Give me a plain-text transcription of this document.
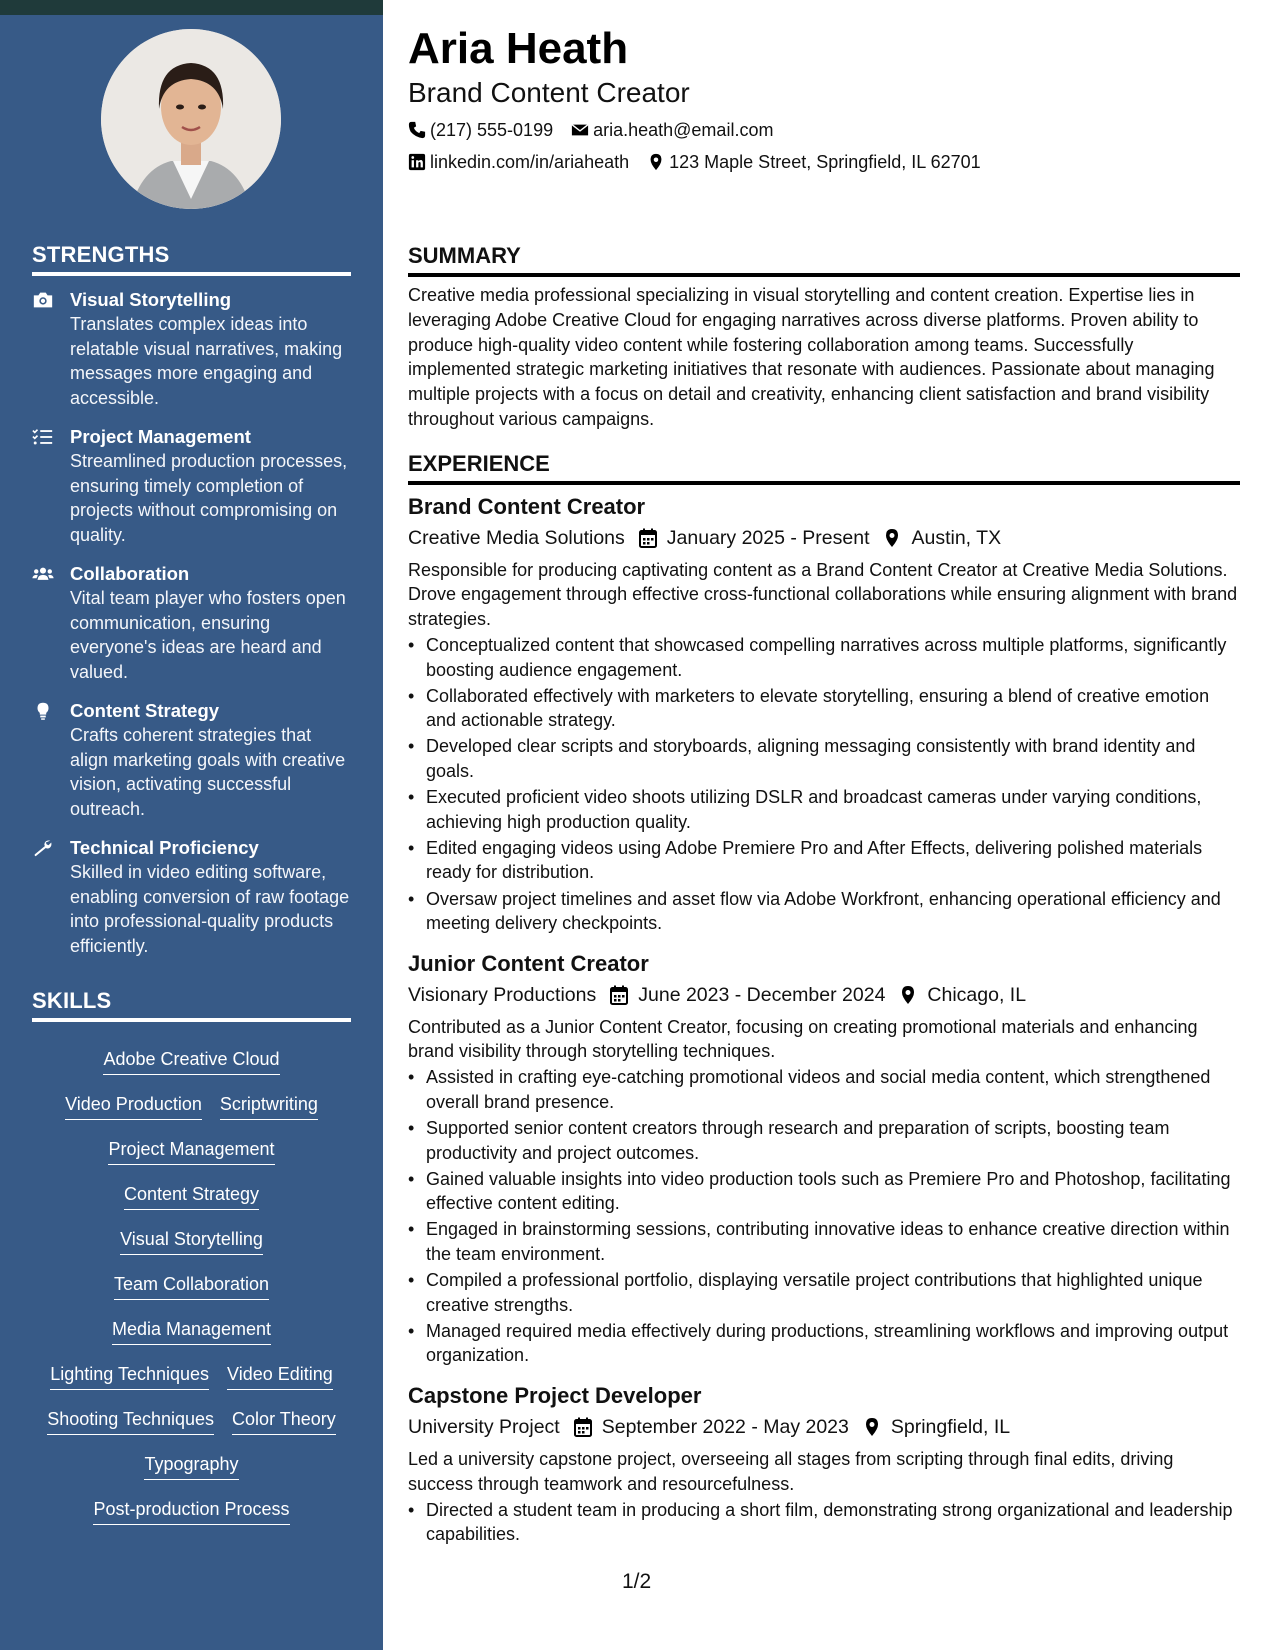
STRENGTHS
Visual Storytelling
Translates complex ideas into relatable visual narratives, making messages more engaging and accessible.
Project Management
Streamlined production processes, ensuring timely completion of projects without compromising on quality.
Collaboration
Vital team player who fosters open communication, ensuring everyone's ideas are heard and valued.
Content Strategy
Crafts coherent strategies that align marketing goals with creative vision, activating successful outreach.
Technical Proficiency
Skilled in video editing software, enabling conversion of raw footage into professional-quality products efficiently.
SKILLS
Adobe Creative Cloud
Video Production Scriptwriting
Project Management
Content Strategy
Visual Storytelling
Team Collaboration
Media Management
Lighting Techniques Video Editing
Shooting Techniques Color Theory
Typography
Post-production Process
Aria Heath
Brand Content Creator
(217) 555-0199 aria.heath@email.com
linkedin.com/in/ariaheath 123 Maple Street, Springfield, IL 62701
SUMMARY
Creative media professional specializing in visual storytelling and content creation. Expertise lies in leveraging Adobe Creative Cloud for engaging narratives across diverse platforms. Proven ability to produce high-quality video content while fostering collaboration among teams. Successfully implemented strategic marketing initiatives that resonate with audiences. Passionate about managing multiple projects with a focus on detail and creativity, enhancing client satisfaction and brand visibility throughout various campaigns.
EXPERIENCE
Brand Content Creator
Creative Media Solutions January 2025 - Present Austin, TX
Responsible for producing captivating content as a Brand Content Creator at Creative Media Solutions. Drove engagement through effective cross-functional collaborations while ensuring alignment with brand strategies.
• Conceptualized content that showcased compelling narratives across multiple platforms, significantly boosting audience engagement.
• Collaborated effectively with marketers to elevate storytelling, ensuring a blend of creative emotion and actionable strategy.
• Developed clear scripts and storyboards, aligning messaging consistently with brand identity and goals.
• Executed proficient video shoots utilizing DSLR and broadcast cameras under varying conditions, achieving high production quality.
• Edited engaging videos using Adobe Premiere Pro and After Effects, delivering polished materials ready for distribution.
• Oversaw project timelines and asset flow via Adobe Workfront, enhancing operational efficiency and meeting delivery checkpoints.
Junior Content Creator
Visionary Productions June 2023 - December 2024 Chicago, IL
Contributed as a Junior Content Creator, focusing on creating promotional materials and enhancing brand visibility through storytelling techniques.
• Assisted in crafting eye-catching promotional videos and social media content, which strengthened overall brand presence.
• Supported senior content creators through research and preparation of scripts, boosting team productivity and project outcomes.
• Gained valuable insights into video production tools such as Premiere Pro and Photoshop, facilitating effective content editing.
• Engaged in brainstorming sessions, contributing innovative ideas to enhance creative direction within the team environment.
• Compiled a professional portfolio, displaying versatile project contributions that highlighted unique creative strengths.
• Managed required media effectively during productions, streamlining workflows and improving output organization.
Capstone Project Developer
University Project September 2022 - May 2023 Springfield, IL
Led a university capstone project, overseeing all stages from scripting through final edits, driving success through teamwork and resourcefulness.
• Directed a student team in producing a short film, demonstrating strong organizational and leadership capabilities.
1/2
